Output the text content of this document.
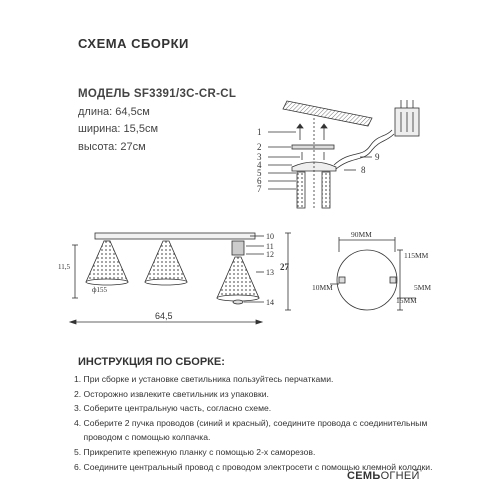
СХЕМА СБОРКИ
МОДЕЛЬ SF3391/3C-CR-CL
длина: 64,5см
ширина: 15,5см
высота: 27см
1
2
3
4
5
6
7
8
9
10
11
12
13
14
27
11,5
ф155
64,5
90MM
115MM
5MM
15MM
10MM
ИНСТРУКЦИЯ ПО СБОРКЕ:
1. При сборке и установке светильника пользуйтесь перчатками.
2. Осторожно извлеките светильник из упаковки.
3. Соберите центральную часть, согласно схеме.
4. Соберите 2 пучка проводов (синий и красный), соедините провода с соединительным
проводом с помощью колпачка.
5. Прикрепите крепежную планку с помощью 2-х саморезов.
6. Соедините центральный провод с проводом электросети с помощью клемной колодки.
СЕМЬОГНЕЙ
